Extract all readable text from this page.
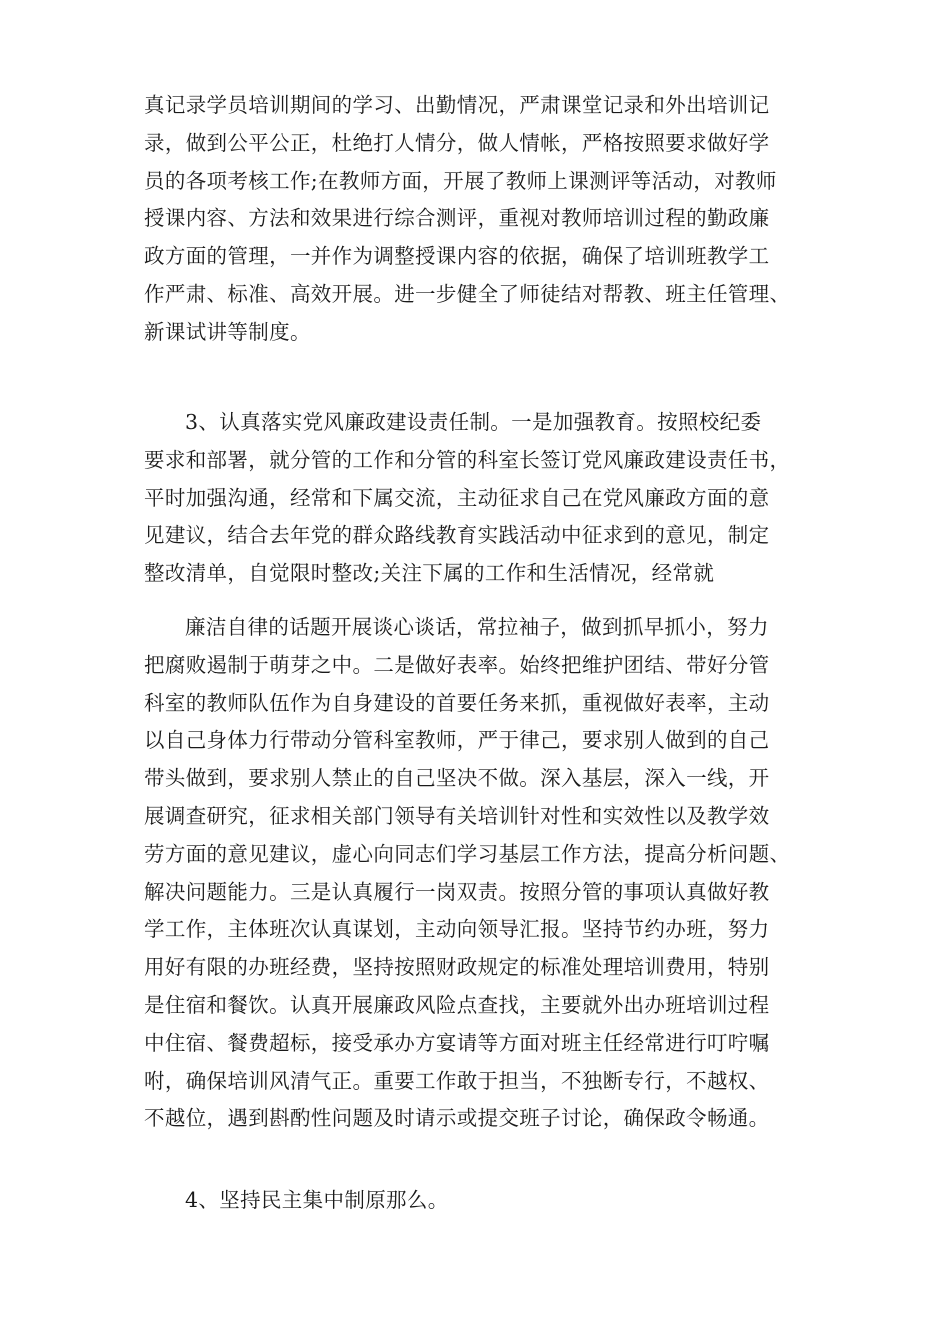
真记录学员培训期间的学习、出勤情况，严肃课堂记录和外出培训记
录，做到公平公正，杜绝打人情分，做人情帐，严格按照要求做好学
员的各项考核工作;在教师方面，开展了教师上课测评等活动，对教师
授课内容、方法和效果进行综合测评，重视对教师培训过程的勤政廉
政方面的管理，一并作为调整授课内容的依据，确保了培训班教学工
作严肃、标准、高效开展。进一步健全了师徒结对帮教、班主任管理、
新课试讲等制度。
3、认真落实党风廉政建设责任制。一是加强教育。按照校纪委
要求和部署，就分管的工作和分管的科室长签订党风廉政建设责任书，
平时加强沟通，经常和下属交流，主动征求自己在党风廉政方面的意
见建议，结合去年党的群众路线教育实践活动中征求到的意见，制定
整改清单，自觉限时整改;关注下属的工作和生活情况，经常就
廉洁自律的话题开展谈心谈话，常拉袖子，做到抓早抓小，努力
把腐败遏制于萌芽之中。二是做好表率。始终把维护团结、带好分管
科室的教师队伍作为自身建设的首要任务来抓，重视做好表率，主动
以自己身体力行带动分管科室教师，严于律己，要求别人做到的自己
带头做到，要求别人禁止的自己坚决不做。深入基层，深入一线，开
展调查研究，征求相关部门领导有关培训针对性和实效性以及教学效
劳方面的意见建议，虚心向同志们学习基层工作方法，提高分析问题、
解决问题能力。三是认真履行一岗双责。按照分管的事项认真做好教
学工作，主体班次认真谋划，主动向领导汇报。坚持节约办班，努力
用好有限的办班经费，坚持按照财政规定的标准处理培训费用，特别
是住宿和餐饮。认真开展廉政风险点查找，主要就外出办班培训过程
中住宿、餐费超标，接受承办方宴请等方面对班主任经常进行叮咛嘱
咐，确保培训风清气正。重要工作敢于担当，不独断专行，不越权、
不越位，遇到斟酌性问题及时请示或提交班子讨论，确保政令畅通。
4、坚持民主集中制原那么。
